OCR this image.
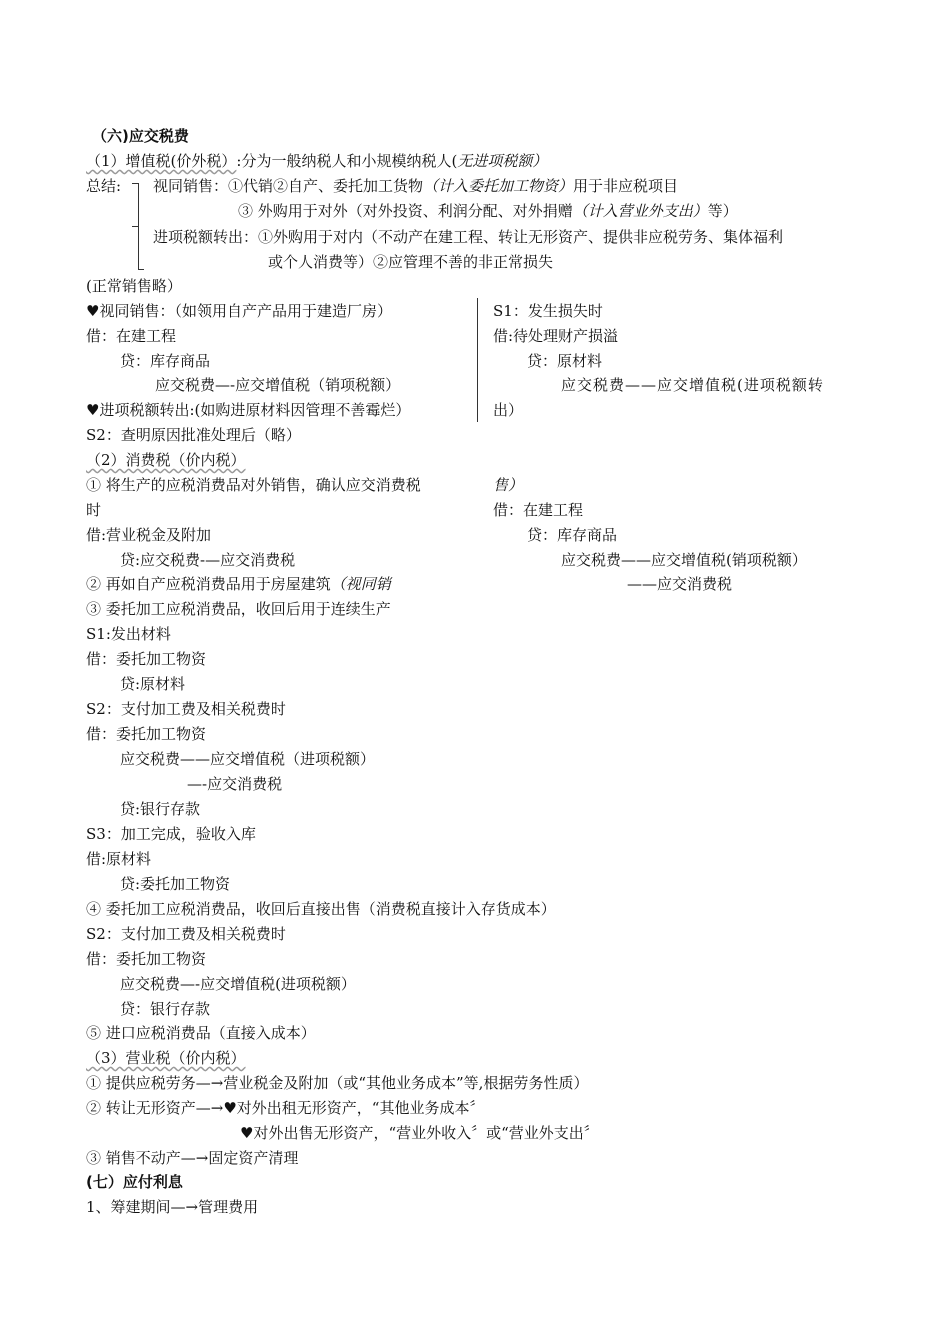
（六)应交税费
（1）增值税(价外税）:分为一般纳税人和小规模纳税人(无进项税额）
总结: 视同销售：①代销②自产、委托加工货物（计入委托加工物资）用于非应税项目
③ 外购用于对外（对外投资、利润分配、对外捐赠（计入营业外支出）等）
进项税额转出：①外购用于对内（不动产在建工程、转让无形资产、提供非应税劳务、集体福利
或个人消费等）②应管理不善的非正常损失
(正常销售略）
♥视同销售：（如领用自产产品用于建造厂房）
借：在建工程
贷：库存商品
应交税费—-应交增值税（销项税额）
♥进项税额转出:(如购进原材料因管理不善霉烂）
S2：查明原因批准处理后（略）
S1：发生损失时
借:待处理财产损溢
贷：原材料
应交税费——应交增值税(进项税额转
出）
（2）消费税（价内税）
① 将生产的应税消费品对外销售，确认应交消费税
时
借:营业税金及附加
贷:应交税费-—应交消费税
② 再如自产应税消费品用于房屋建筑（视同销
售）
借：在建工程
贷：库存商品
应交税费——应交增值税(销项税额）
——应交消费税
③ 委托加工应税消费品，收回后用于连续生产
S1:发出材料
借：委托加工物资
贷:原材料
S2：支付加工费及相关税费时
借：委托加工物资
应交税费——应交增值税（进项税额）
—-应交消费税
贷:银行存款
S3：加工完成，验收入库
借:原材料
贷:委托加工物资
④ 委托加工应税消费品，收回后直接出售（消费税直接计入存货成本）
S2：支付加工费及相关税费时
借：委托加工物资
应交税费—-应交增值税(进项税额）
贷：银行存款
⑤ 进口应税消费品（直接入成本）
（3）营业税（价内税）
① 提供应税劳务—→营业税金及附加（或“其他业务成本”等,根据劳务性质）
② 转让无形资产—→♥对外出租无形资产，“其他业务成本〞
♥对外出售无形资产，“营业外收入〞或“营业外支出〞
③ 销售不动产—→固定资产清理
(七）应付利息
1、筹建期间—→管理费用
